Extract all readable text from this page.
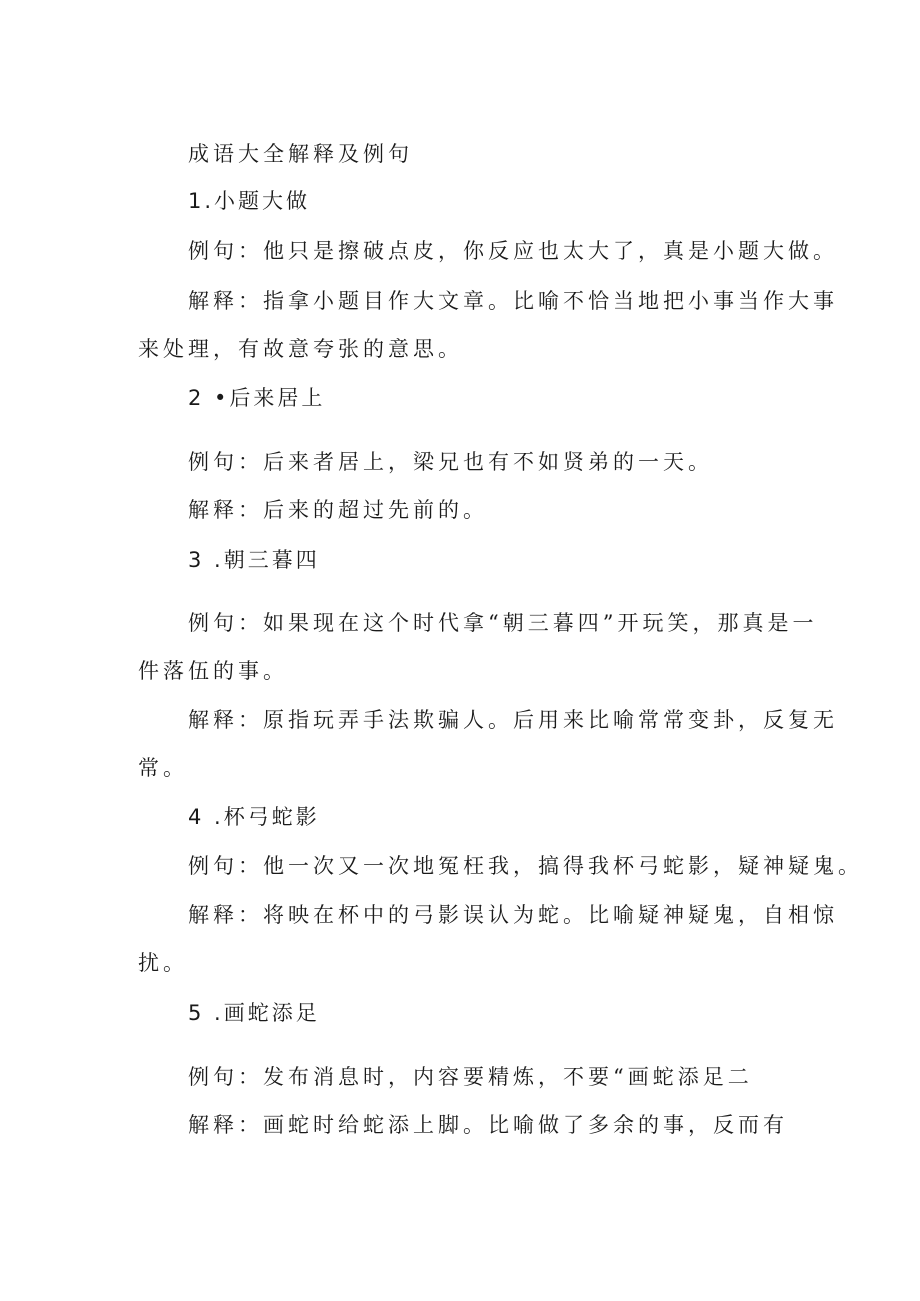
成语大全解释及例句
1.小题大做
例句：他只是擦破点皮，你反应也太大了，真是小题大做。
解释：指拿小题目作大文章。比喻不恰当地把小事当作大事
来处理，有故意夸张的意思。
2 •后来居上
例句：后来者居上，梁兄也有不如贤弟的一天。
解释：后来的超过先前的。
3 .朝三暮四
例句：如果现在这个时代拿“朝三暮四”开玩笑，那真是一
件落伍的事。
解释：原指玩弄手法欺骗人。后用来比喻常常变卦，反复无
常。
4 .杯弓蛇影
例句：他一次又一次地冤枉我，搞得我杯弓蛇影，疑神疑鬼。
解释：将映在杯中的弓影误认为蛇。比喻疑神疑鬼，自相惊
扰。
5 .画蛇添足
例句：发布消息时，内容要精炼，不要“画蛇添足二
解释：画蛇时给蛇添上脚。比喻做了多余的事，反而有
